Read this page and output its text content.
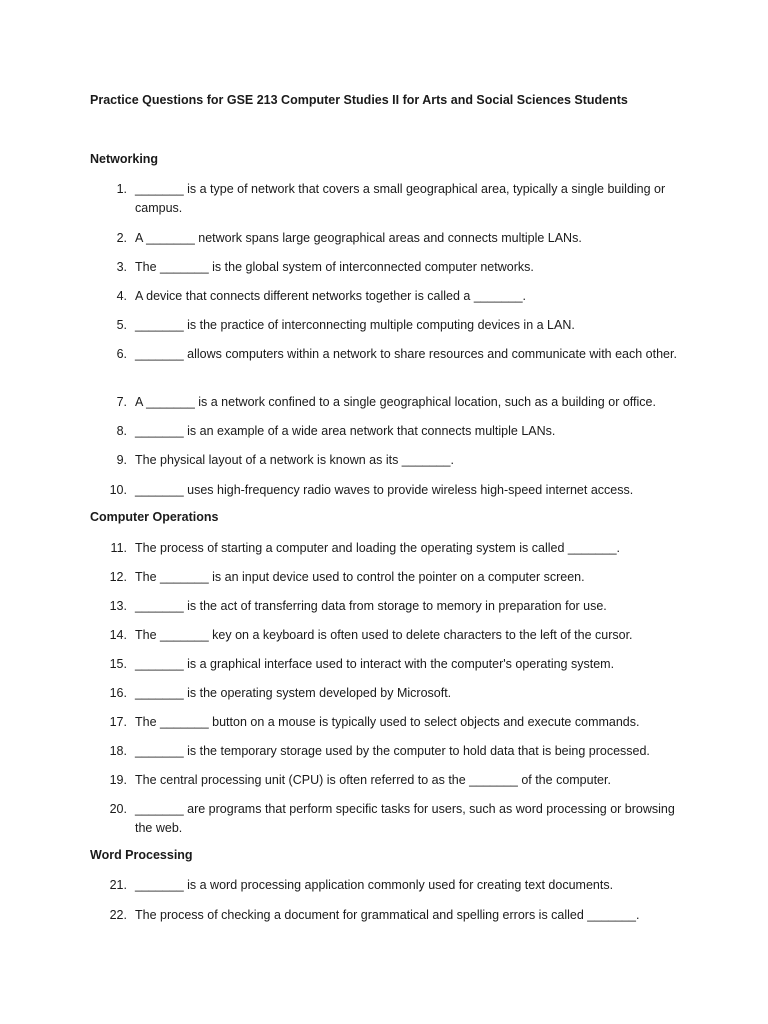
Practice Questions for GSE 213 Computer Studies II for Arts and Social Sciences Students
Networking
1. _______ is a type of network that covers a small geographical area, typically a single building or campus.
2. A _______ network spans large geographical areas and connects multiple LANs.
3. The _______ is the global system of interconnected computer networks.
4. A device that connects different networks together is called a _______.
5. _______ is the practice of interconnecting multiple computing devices in a LAN.
6. _______ allows computers within a network to share resources and communicate with each other.
7. A _______ is a network confined to a single geographical location, such as a building or office.
8. _______ is an example of a wide area network that connects multiple LANs.
9. The physical layout of a network is known as its _______.
10. _______ uses high-frequency radio waves to provide wireless high-speed internet access.
Computer Operations
11. The process of starting a computer and loading the operating system is called _______.
12. The _______ is an input device used to control the pointer on a computer screen.
13. _______ is the act of transferring data from storage to memory in preparation for use.
14. The _______ key on a keyboard is often used to delete characters to the left of the cursor.
15. _______ is a graphical interface used to interact with the computer's operating system.
16. _______ is the operating system developed by Microsoft.
17. The _______ button on a mouse is typically used to select objects and execute commands.
18. _______ is the temporary storage used by the computer to hold data that is being processed.
19. The central processing unit (CPU) is often referred to as the _______ of the computer.
20. _______ are programs that perform specific tasks for users, such as word processing or browsing the web.
Word Processing
21. _______ is a word processing application commonly used for creating text documents.
22. The process of checking a document for grammatical and spelling errors is called _______.
